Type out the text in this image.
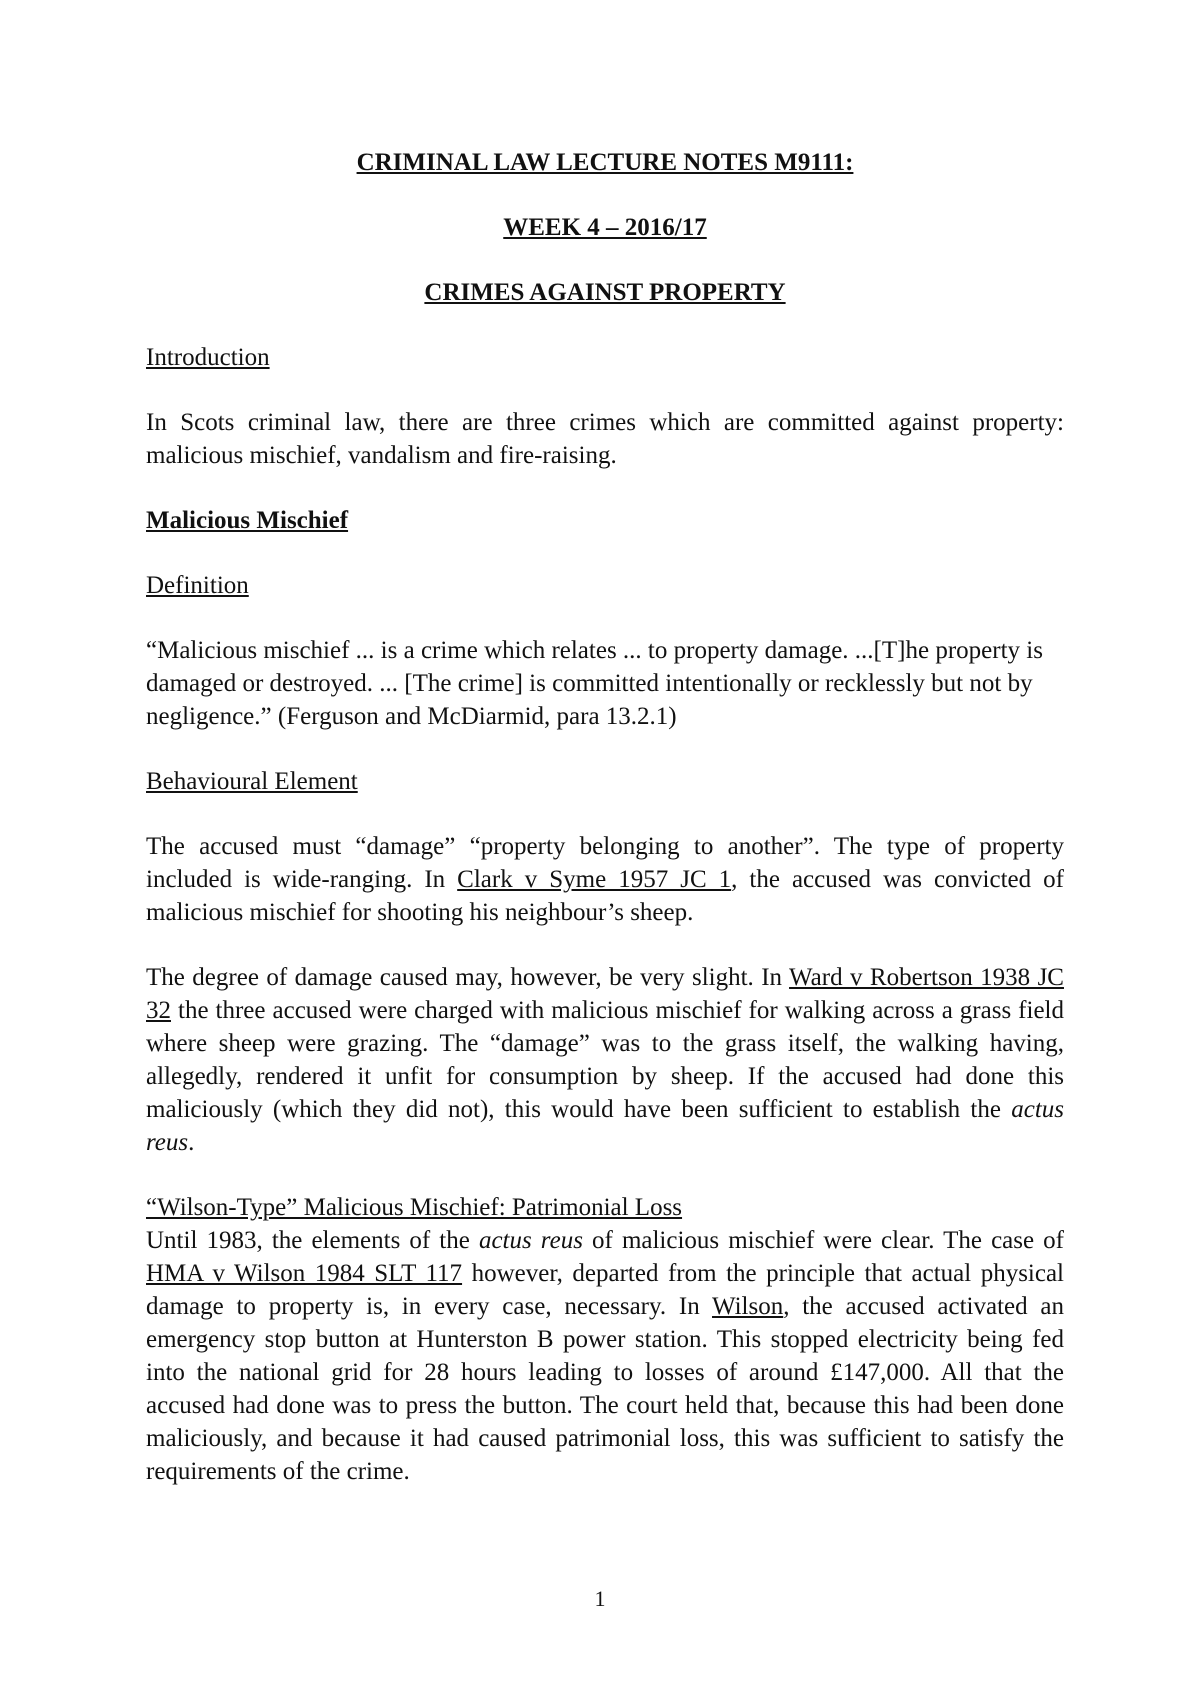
CRIMINAL LAW LECTURE NOTES M9111:
WEEK 4 – 2016/17
CRIMES AGAINST PROPERTY
Introduction

In Scots criminal law, there are three crimes which are committed against property: malicious mischief, vandalism and fire-raising.

Malicious Mischief
Definition

“Malicious mischief ... is a crime which relates ... to property damage. ...[T]he property is damaged or destroyed. ... [The crime] is committed intentionally or recklessly but not by negligence.” (Ferguson and McDiarmid, para 13.2.1)

Behavioural Element

The accused must “damage” “property belonging to another”. The type of property included is wide-ranging. In Clark v Syme 1957 JC 1, the accused was convicted of malicious mischief for shooting his neighbour’s sheep.

The degree of damage caused may, however, be very slight. In Ward v Robertson 1938 JC 32 the three accused were charged with malicious mischief for walking across a grass field where sheep were grazing. The “damage” was to the grass itself, the walking having, allegedly, rendered it unfit for consumption by sheep. If the accused had done this maliciously (which they did not), this would have been sufficient to establish the actus reus.

“Wilson-Type” Malicious Mischief: Patrimonial Loss

Until 1983, the elements of the actus reus of malicious mischief were clear. The case of HMA v Wilson 1984 SLT 117 however, departed from the principle that actual physical damage to property is, in every case, necessary. In Wilson, the accused activated an emergency stop button at Hunterston B power station. This stopped electricity being fed into the national grid for 28 hours leading to losses of around £147,000. All that the accused had done was to press the button. The court held that, because this had been done maliciously, and because it had caused patrimonial loss, this was sufficient to satisfy the requirements of the crime.

1
